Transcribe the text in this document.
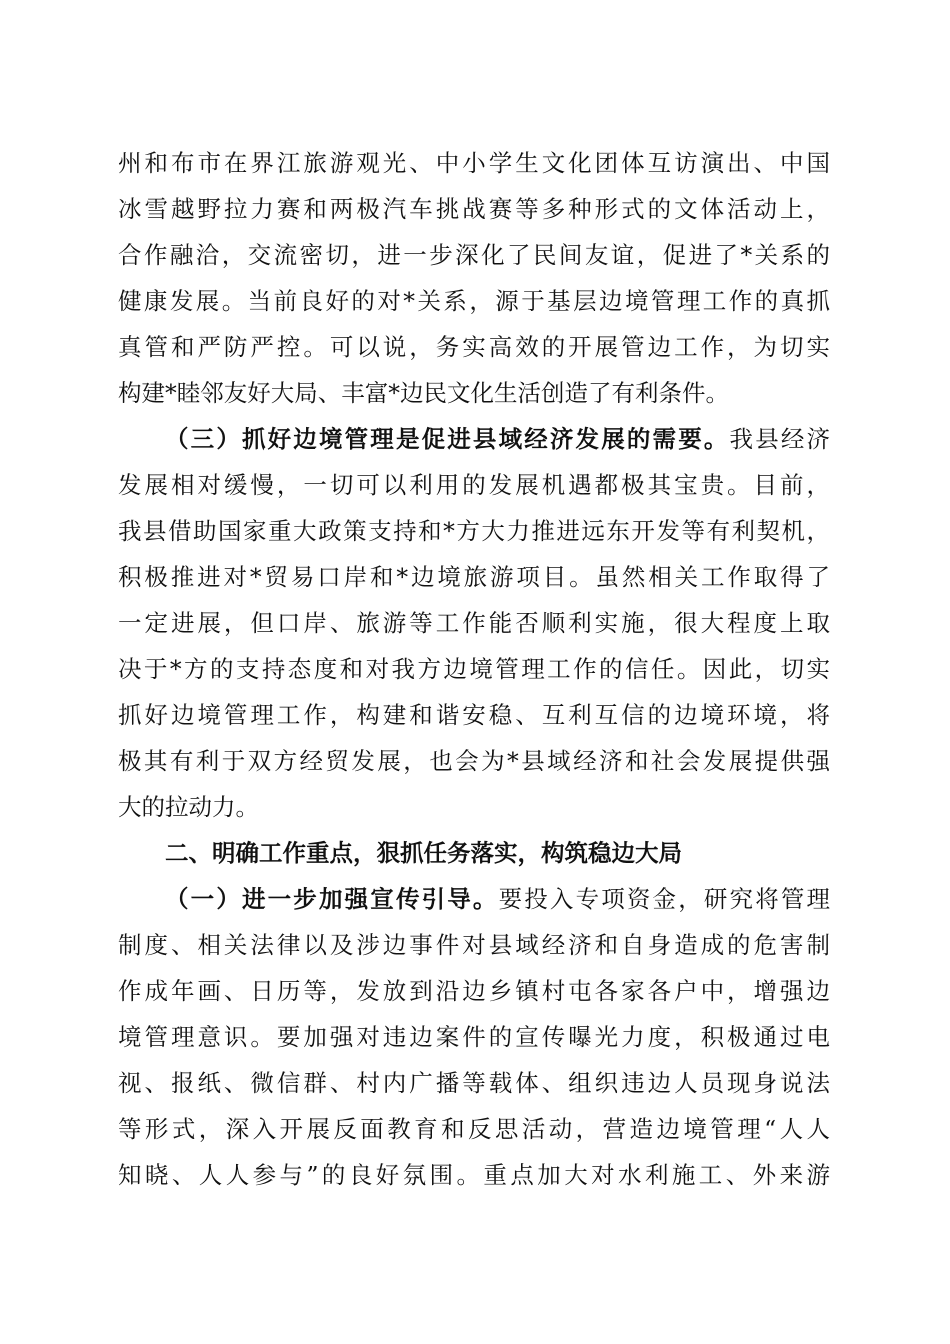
州和布市在界江旅游观光、中小学生文化团体互访演出、中国
冰雪越野拉力赛和两极汽车挑战赛等多种形式的文体活动上，
合作融洽，交流密切，进一步深化了民间友谊，促进了*关系的
健康发展。当前良好的对*关系，源于基层边境管理工作的真抓
真管和严防严控。可以说，务实高效的开展管边工作，为切实
构建*睦邻友好大局、丰富*边民文化生活创造了有利条件。
（三）抓好边境管理是促进县域经济发展的需要。我县经济
发展相对缓慢，一切可以利用的发展机遇都极其宝贵。目前，
我县借助国家重大政策支持和*方大力推进远东开发等有利契机，
积极推进对*贸易口岸和*边境旅游项目。虽然相关工作取得了
一定进展，但口岸、旅游等工作能否顺利实施，很大程度上取
决于*方的支持态度和对我方边境管理工作的信任。因此，切实
抓好边境管理工作，构建和谐安稳、互利互信的边境环境，将
极其有利于双方经贸发展，也会为*县域经济和社会发展提供强
大的拉动力。
二、明确工作重点，狠抓任务落实，构筑稳边大局
（一）进一步加强宣传引导。要投入专项资金，研究将管理
制度、相关法律以及涉边事件对县域经济和自身造成的危害制
作成年画、日历等，发放到沿边乡镇村屯各家各户中，增强边
境管理意识。要加强对违边案件的宣传曝光力度，积极通过电
视、报纸、微信群、村内广播等载体、组织违边人员现身说法
等形式，深入开展反面教育和反思活动，营造边境管理“人人
知晓、人人参与”的良好氛围。重点加大对水利施工、外来游
